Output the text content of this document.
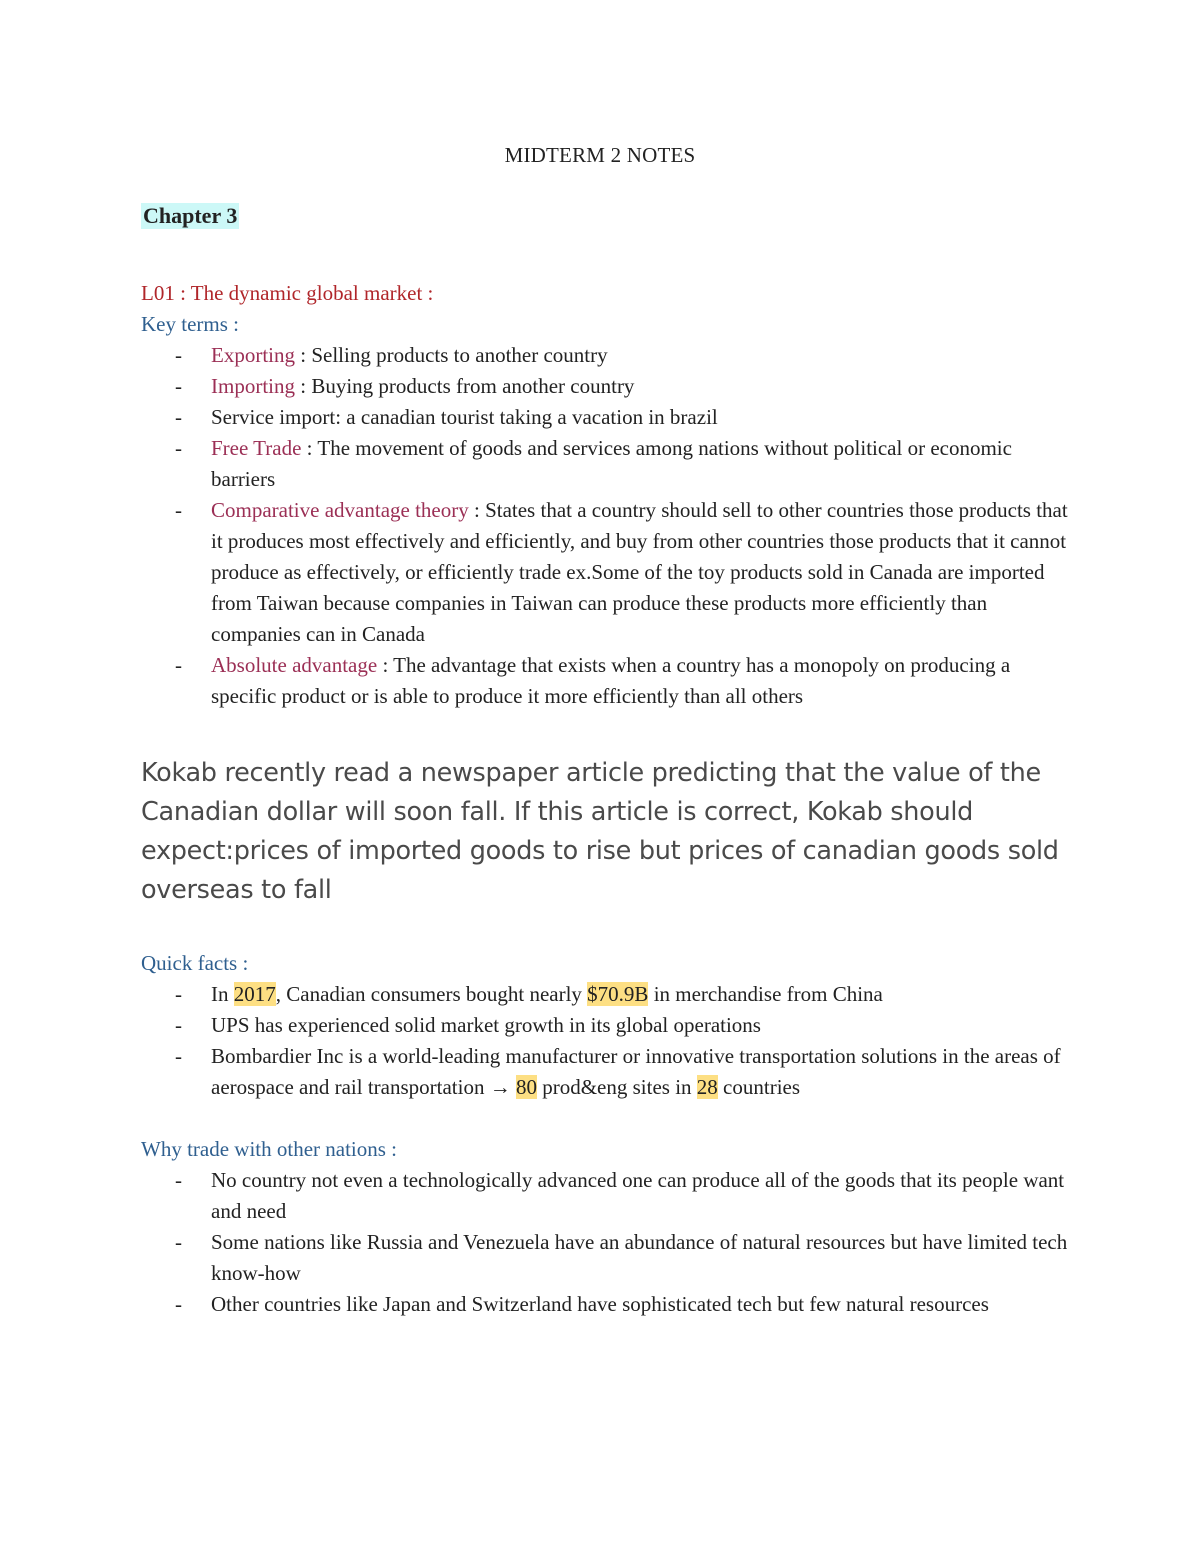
MIDTERM 2 NOTES
Chapter 3
L01 : The dynamic global market :
Key terms :
- Exporting : Selling products to another country
- Importing : Buying products from another country
- Service import: a canadian tourist taking a vacation in brazil
- Free Trade : The movement of goods and services among nations without political or economic barriers
- Comparative advantage theory : States that a country should sell to other countries those products that it produces most effectively and efficiently, and buy from other countries those products that it cannot produce as effectively, or efficiently trade ex.Some of the toy products sold in Canada are imported from Taiwan because companies in Taiwan can produce these products more efficiently than companies can in Canada
- Absolute advantage : The advantage that exists when a country has a monopoly on producing a specific product or is able to produce it more efficiently than all others
Kokab recently read a newspaper article predicting that the value of the Canadian dollar will soon fall. If this article is correct, Kokab should expect:prices of imported goods to rise but prices of canadian goods sold overseas to fall
Quick facts :
- In 2017, Canadian consumers bought nearly $70.9B in merchandise from China
- UPS has experienced solid market growth in its global operations
- Bombardier Inc is a world-leading manufacturer or innovative transportation solutions in the areas of aerospace and rail transportation → 80 prod&eng sites in 28 countries
Why trade with other nations :
- No country not even a technologically advanced one can produce all of the goods that its people want and need
- Some nations like Russia and Venezuela have an abundance of natural resources but have limited tech know-how
- Other countries like Japan and Switzerland have sophisticated tech but few natural resources
